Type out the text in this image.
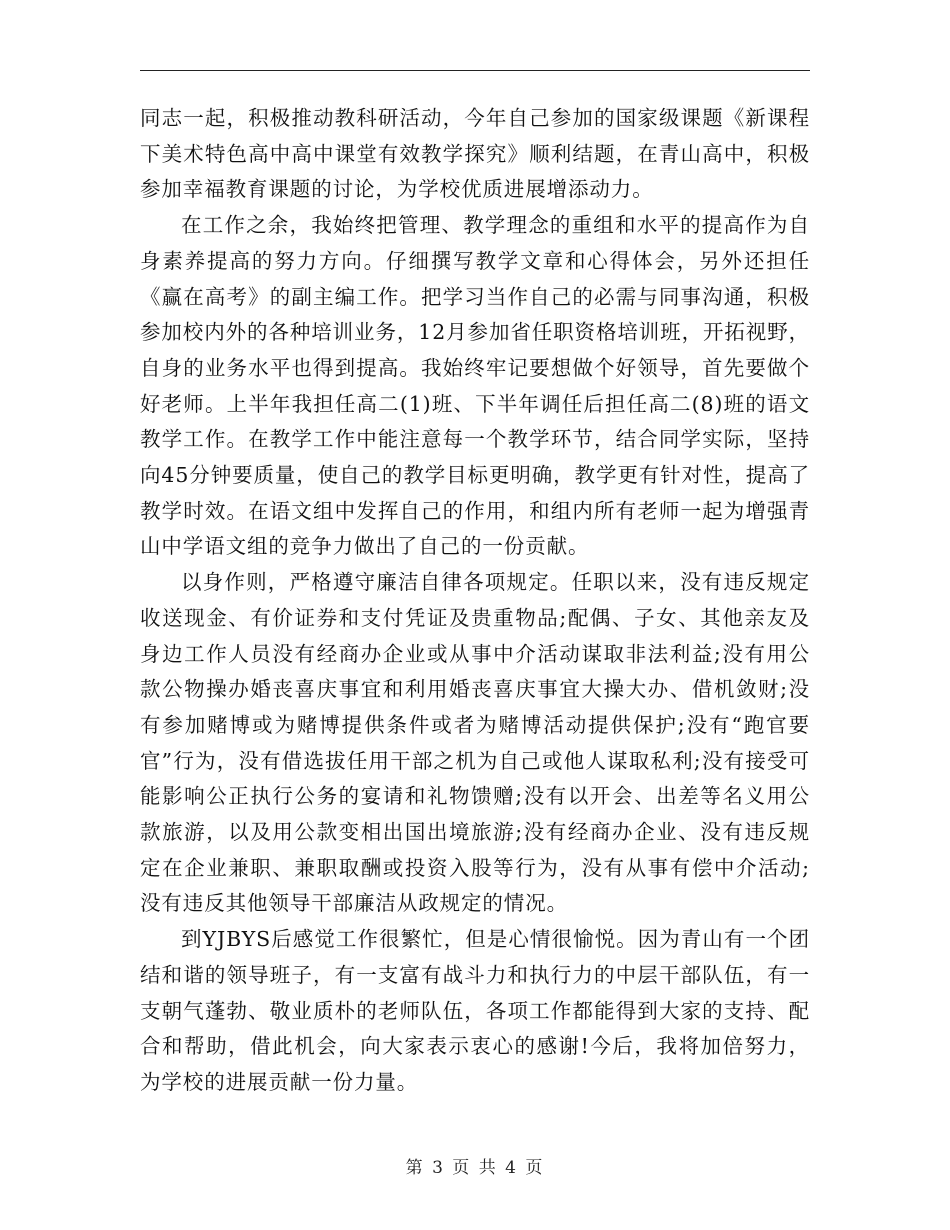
同志一起，积极推动教科研活动，今年自己参加的国家级课题《新课程下美术特色高中高中课堂有效教学探究》顺利结题，在青山高中，积极参加幸福教育课题的讨论，为学校优质进展增添动力。

在工作之余，我始终把管理、教学理念的重组和水平的提高作为自身素养提高的努力方向。仔细撰写教学文章和心得体会，另外还担任《赢在高考》的副主编工作。把学习当作自己的必需与同事沟通，积极参加校内外的各种培训业务，12月参加省任职资格培训班，开拓视野，自身的业务水平也得到提高。我始终牢记要想做个好领导，首先要做个好老师。上半年我担任高二(1)班、下半年调任后担任高二(8)班的语文教学工作。在教学工作中能注意每一个教学环节，结合同学实际，坚持向45分钟要质量，使自己的教学目标更明确，教学更有针对性，提高了教学时效。在语文组中发挥自己的作用，和组内所有老师一起为增强青山中学语文组的竞争力做出了自己的一份贡献。

以身作则，严格遵守廉洁自律各项规定。任职以来，没有违反规定收送现金、有价证券和支付凭证及贵重物品;配偶、子女、其他亲友及身边工作人员没有经商办企业或从事中介活动谋取非法利益;没有用公款公物操办婚丧喜庆事宜和利用婚丧喜庆事宜大操大办、借机敛财;没有参加赌博或为赌博提供条件或者为赌博活动提供保护;没有“跑官要官”行为，没有借选拔任用干部之机为自己或他人谋取私利;没有接受可能影响公正执行公务的宴请和礼物馈赠;没有以开会、出差等名义用公款旅游，以及用公款变相出国出境旅游;没有经商办企业、没有违反规定在企业兼职、兼职取酬或投资入股等行为，没有从事有偿中介活动;没有违反其他领导干部廉洁从政规定的情况。

到YJBYS后感觉工作很繁忙，但是心情很愉悦。因为青山有一个团结和谐的领导班子，有一支富有战斗力和执行力的中层干部队伍，有一支朝气蓬勃、敬业质朴的老师队伍，各项工作都能得到大家的支持、配合和帮助，借此机会，向大家表示衷心的感谢!今后，我将加倍努力，为学校的进展贡献一份力量。

第 3 页 共 4 页
